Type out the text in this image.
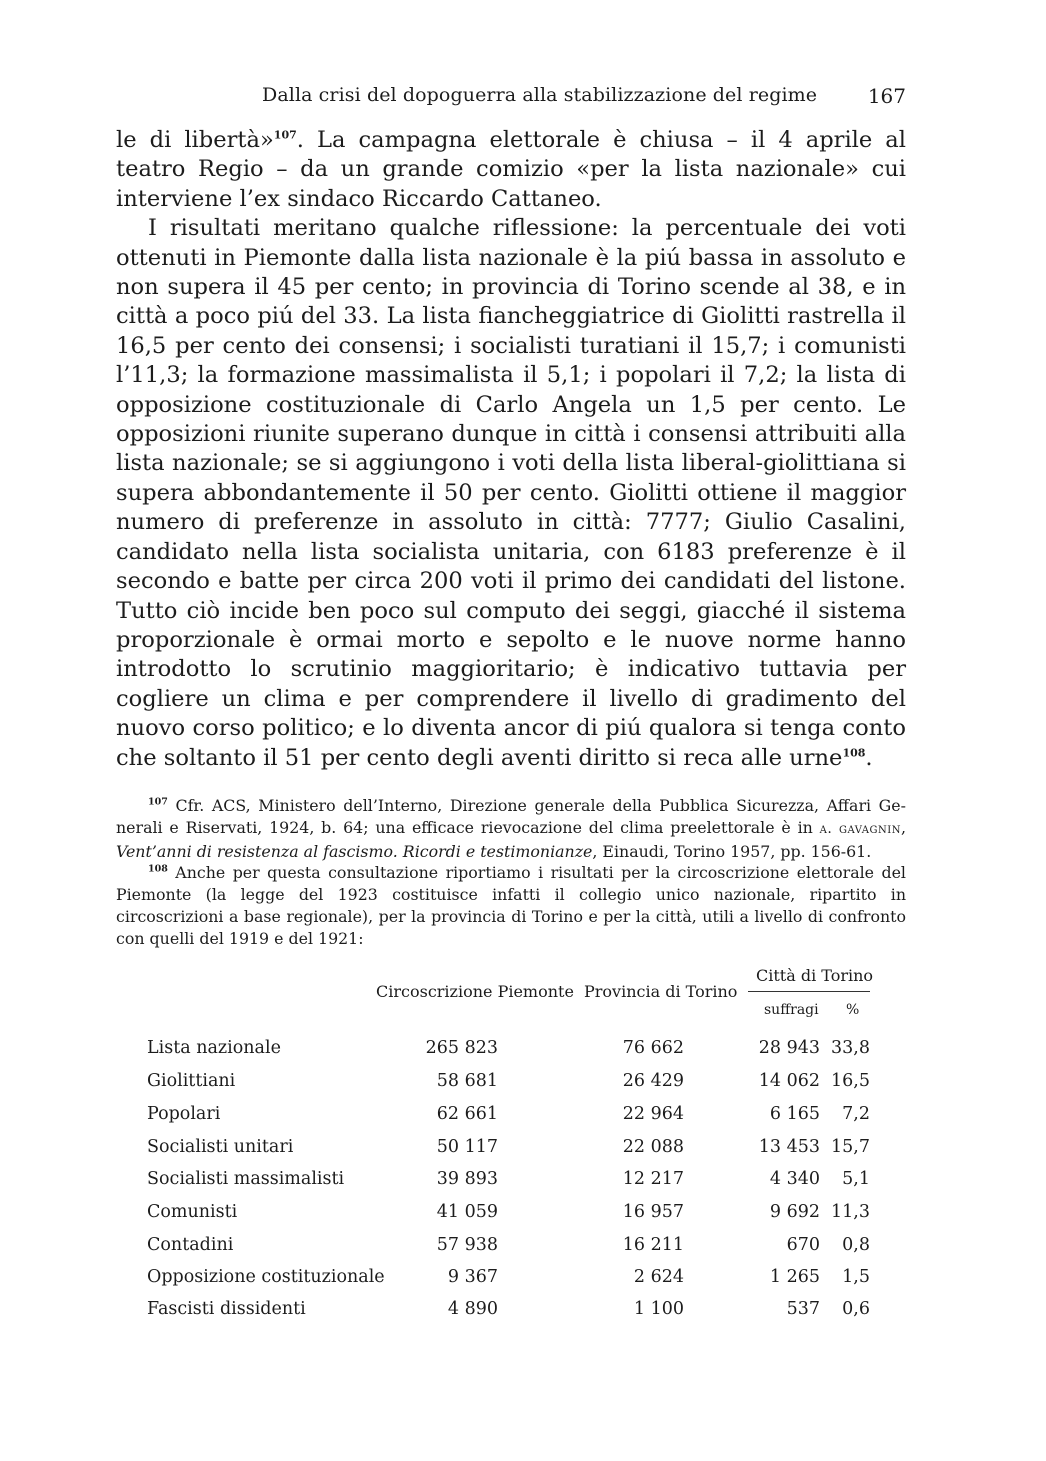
Dalla crisi del dopoguerra alla stabilizzazione del regime	167

le di libertà»$^{107}$. La campagna elettorale è chiusa – il 4 aprile al teatro Regio – da un grande comizio «per la lista nazionale» cui interviene l’ex sindaco Riccardo Cattaneo.

I risultati meritano qualche riflessione: la percentuale dei voti ottenuti in Piemonte dalla lista nazionale è la piú bassa in assoluto e non supera il 45 per cento; in provincia di Torino scende al 38, e in città a poco piú del 33. La lista fiancheggiatrice di Giolitti rastrella il 16,5 per cento dei consensi; i socialisti turatiani il 15,7; i comunisti l’11,3; la formazione massimalista il 5,1; i popolari il 7,2; la lista di opposizione costituzionale di Carlo Angela un 1,5 per cento. Le opposizioni riunite superano dunque in città i consensi attribuiti alla lista nazionale; se si aggiungono i voti della lista liberal-giolittiana si supera abbondantemente il 50 per cento. Giolitti ottiene il maggior numero di preferenze in assoluto in città: 7777; Giulio Casalini, candidato nella lista socialista unitaria, con 6183 preferenze è il secondo e batte per circa 200 voti il primo dei candidati del listone. Tutto ciò incide ben poco sul computo dei seggi, giacché il sistema proporzionale è ormai morto e sepolto e le nuove norme hanno introdotto lo scrutinio maggioritario; è indicativo tuttavia per cogliere un clima e per comprendere il livello di gradimento del nuovo corso politico; e lo diventa ancor di piú qualora si tenga conto che soltanto il 51 per cento degli aventi diritto si reca alle urne$^{108}$.

$^{107}$ Cfr. ACS, Ministero dell’Interno, Direzione generale della Pubblica Sicurezza, Affari Generali e Riservati, 1924, b. 64; una efficace rievocazione del clima preelettorale è in a. gavagnin, Vent’anni di resistenza al fascismo. Ricordi e testimonianze, Einaudi, Torino 1957, pp. 156-61.

$^{108}$ Anche per questa consultazione riportiamo i risultati per la circoscrizione elettorale del Piemonte (la legge del 1923 costituisce infatti il collegio unico nazionale, ripartito in circoscrizioni a base regionale), per la provincia di Torino e per la città, utili a livello di confronto con quelli del 1919 e del 1921:

Circoscrizione Piemonte Provincia di Torino
Città di Torino
suffragi %
Lista nazionale	265 823	76 662	28 943 33,8
Giolittiani	58 681	26 429	14 062 16,5
Popolari	62 661	22 964	6 165 7,2
Socialisti unitari	50 117	22 088	13 453 15,7
Socialisti massimalisti	39 893	12 217	4 340 5,1
Comunisti	41 059	16 957	9 692 11,3
Contadini	57 938	16 211	670 0,8
Opposizione costituzionale	9 367	2 624	1 265 1,5
Fascisti dissidenti	4 890	1 100	537 0,6
